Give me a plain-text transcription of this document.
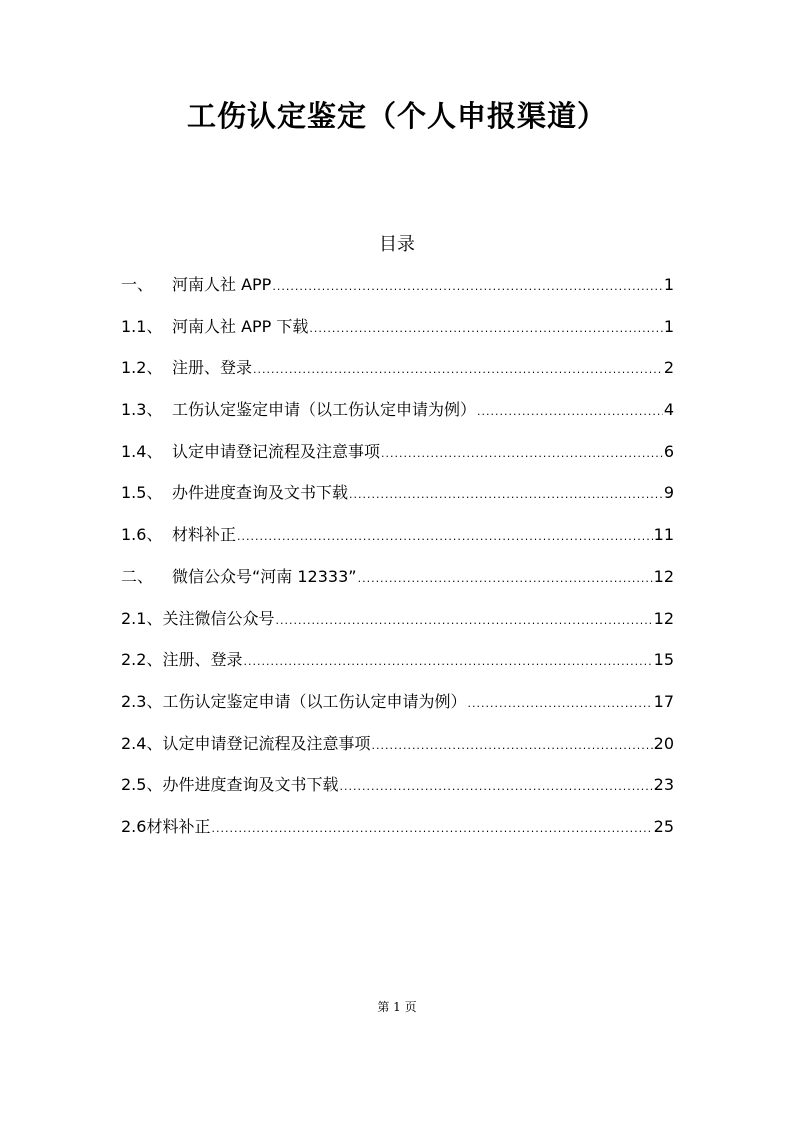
工伤认定鉴定（个人申报渠道）
目录
一、	河南人社 APP .....	1
1.1、 河南人社 APP 下载 .....	1
1.2、 注册、登录 .....	2
1.3、 工伤认定鉴定申请（以工伤认定申请为例） .....	4
1.4、 认定申请登记流程及注意事项 .....	6
1.5、 办件进度查询及文书下载 .....	9
1.6、 材料补正 .....	11
二、	微信公众号“河南 12333” .....	12
2.1、 关注微信公众号 .....	12
2.2、 注册、登录 .....	15
2.3、 工伤认定鉴定申请（以工伤认定申请为例） .....	17
2.4、 认定申请登记流程及注意事项 .....	20
2.5、 办件进度查询及文书下载 .....	23
2.6 材料补正 .....	25
第 1 页
